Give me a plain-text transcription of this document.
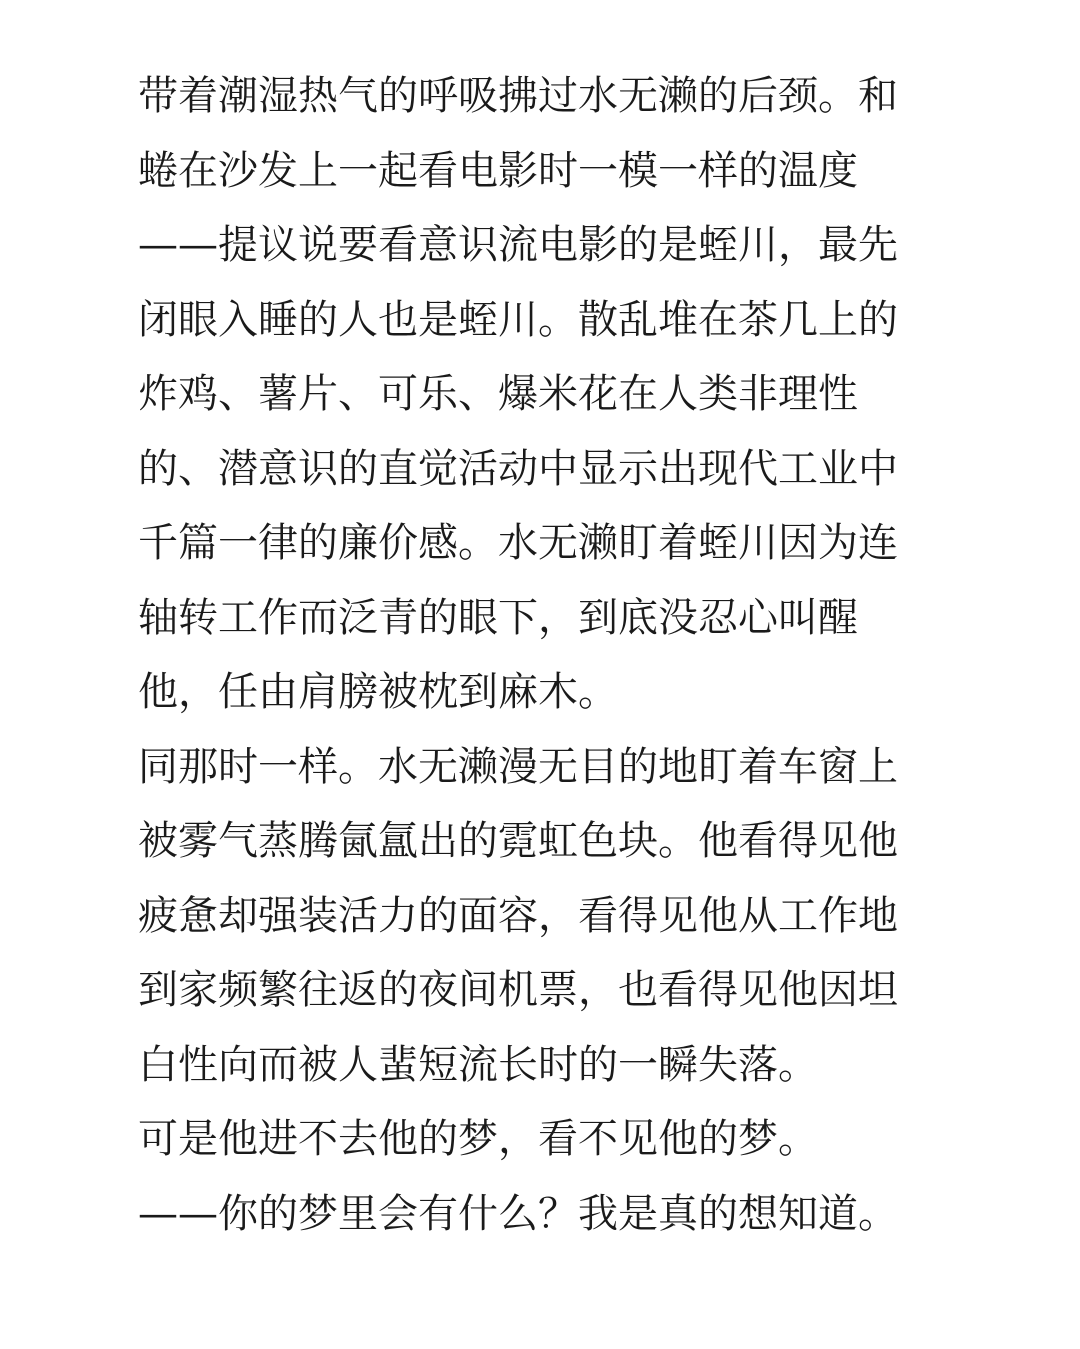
带着潮湿热气的呼吸拂过水无濑的后颈。和
蜷在沙发上一起看电影时一模一样的温度
——提议说要看意识流电影的是蛭川，最先
闭眼入睡的人也是蛭川。散乱堆在茶几上的
炸鸡、薯片、可乐、爆米花在人类非理性
的、潜意识的直觉活动中显示出现代工业中
千篇一律的廉价感。水无濑盯着蛭川因为连
轴转工作而泛青的眼下，到底没忍心叫醒
他，任由肩膀被枕到麻木。
同那时一样。水无濑漫无目的地盯着车窗上
被雾气蒸腾氤氲出的霓虹色块。他看得见他
疲惫却强装活力的面容，看得见他从工作地
到家频繁往返的夜间机票，也看得见他因坦
白性向而被人蜚短流长时的一瞬失落。
可是他进不去他的梦，看不见他的梦。
——你的梦里会有什么？我是真的想知道。
